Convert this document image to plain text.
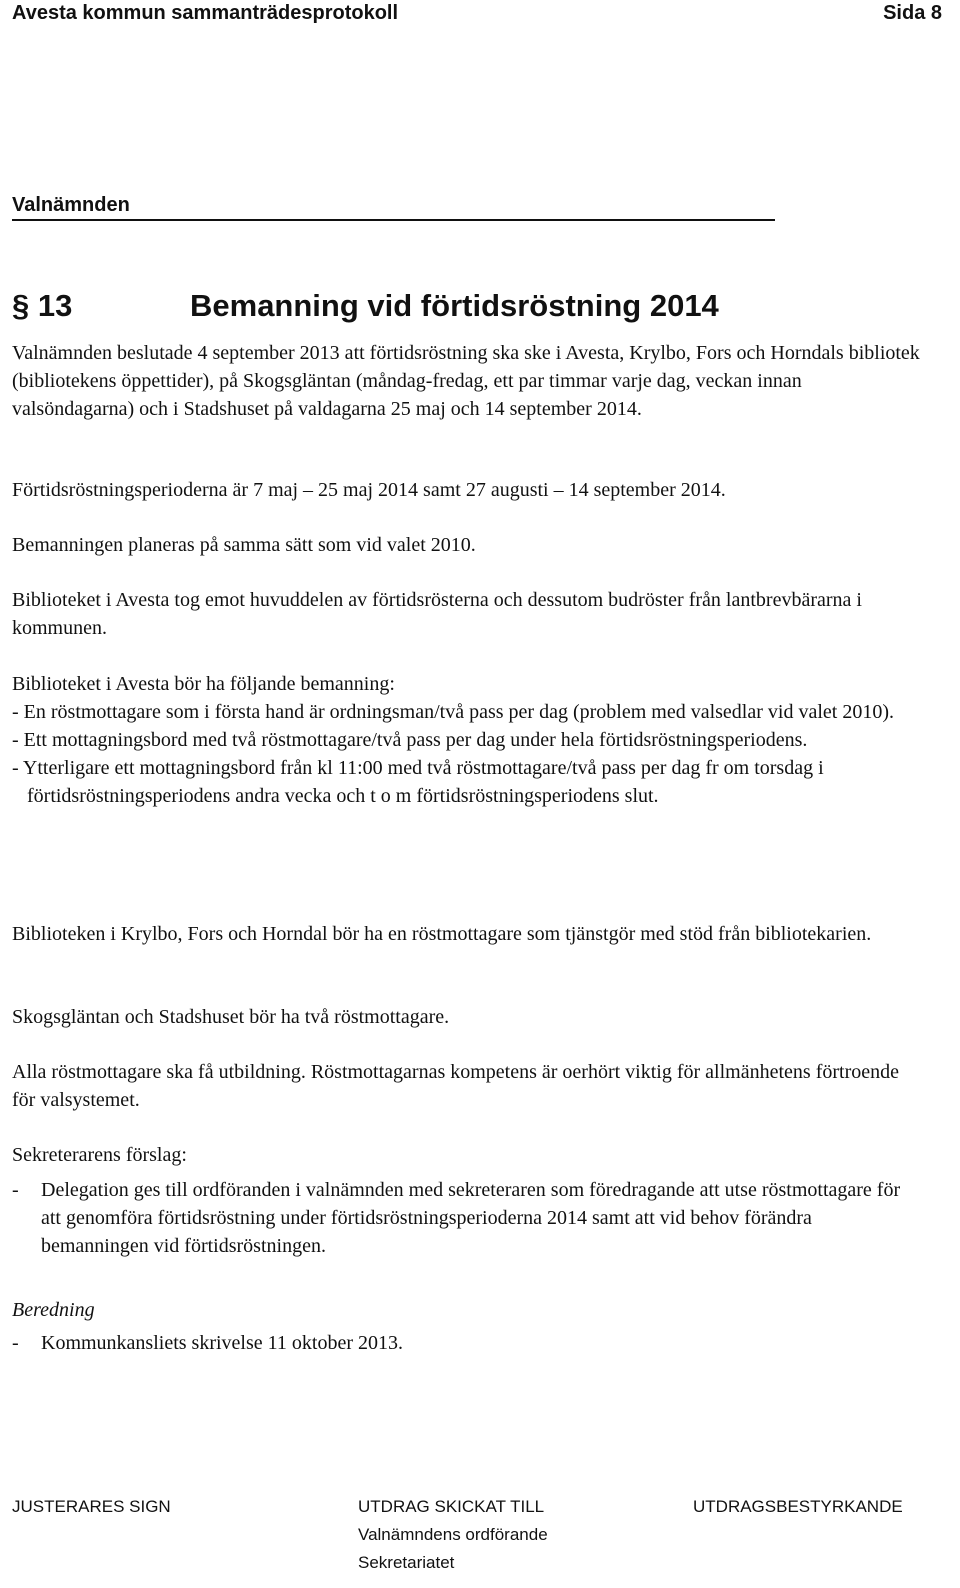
Avesta kommun sammanträdesprotokoll	Sida 8
Valnämnden
§ 13	Bemanning vid förtidsröstning 2014

Valnämnden beslutade 4 september 2013 att förtidsröstning ska ske i Avesta, Krylbo, Fors och Horndals bibliotek (bibliotekens öppettider), på Skogsgläntan (måndag-fredag, ett par timmar varje dag, veckan innan valsöndagarna) och i Stadshuset på valdagarna 25 maj och 14 september 2014.

Förtidsröstningsperioderna är 7 maj – 25 maj 2014 samt 27 augusti – 14 september 2014.

Bemanningen planeras på samma sätt som vid valet 2010.

Biblioteket i Avesta tog emot huvuddelen av förtidsrösterna och dessutom budröster från lantbrevbärarna i kommunen.

Biblioteket i Avesta bör ha följande bemanning:
- En röstmottagare som i första hand är ordningsman/två pass per dag (problem med valsedlar vid valet 2010).
- Ett mottagningsbord med två röstmottagare/två pass per dag under hela förtidsröstningsperiodens.
- Ytterligare ett mottagningsbord från kl 11:00 med två röstmottagare/två pass per dag fr om torsdag i förtidsröstningsperiodens andra vecka och t o m förtidsröstningsperiodens slut.

Biblioteken i Krylbo, Fors och Horndal bör ha en röstmottagare som tjänstgör med stöd från bibliotekarien.

Skogsgläntan och Stadshuset bör ha två röstmottagare.

Alla röstmottagare ska få utbildning. Röstmottagarnas kompetens är oerhört viktig för allmänhetens förtroende för valsystemet.

Sekreterarens förslag:
-	Delegation ges till ordföranden i valnämnden med sekreteraren som föredragande att utse röstmottagare för att genomföra förtidsröstning under förtidsröstningsperioderna 2014 samt att vid behov förändra bemanningen vid förtidsröstningen.
Beredning
-	Kommunkansliets skrivelse 11 oktober 2013.
JUSTERARES SIGN	UTDRAG SKICKAT TILL
Valnämndens ordförande
Sekretariatet
UTDRAGSBESTYRKANDE
